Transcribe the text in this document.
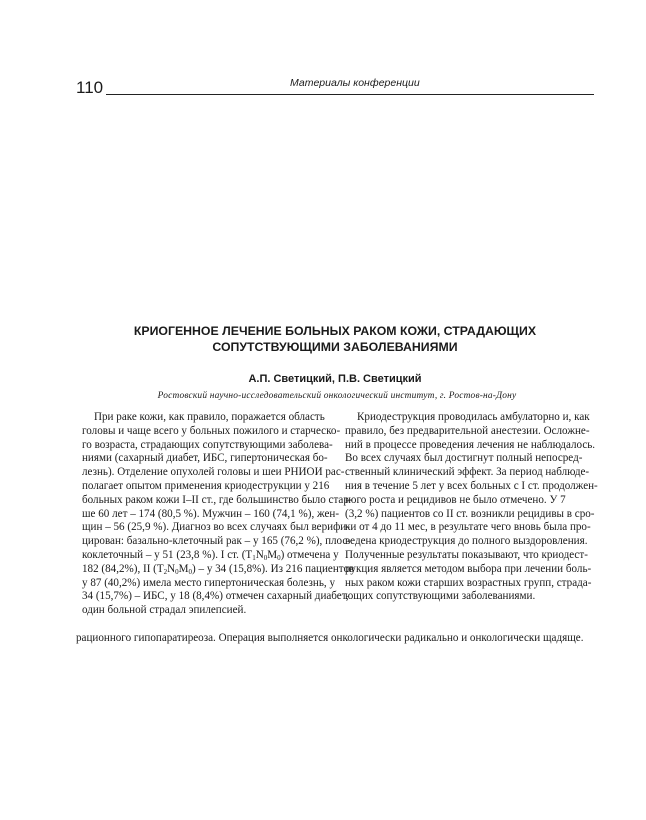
110	Материалы конференции
КРИОГЕННОЕ ЛЕЧЕНИЕ БОЛЬНЫХ РАКОМ КОЖИ, СТРАДАЮЩИХ
СОПУТСТВУЮЩИМИ ЗАБОЛЕВАНИЯМИ
А.П. Светицкий, П.В. Светицкий
Ростовский научно-исследовательский онкологический институт, г. Ростов-на-Дону
При раке кожи, как правило, поражается область
головы и чаще всего у больных пожилого и старческо-
го возраста, страдающих сопутствующими заболева-
ниями (сахарный диабет, ИБС, гипертоническая бо-
лезнь). Отделение опухолей головы и шеи РНИОИ рас-
полагает опытом применения криодеструкции у 216
больных раком кожи I–II ст., где большинство было стар-
ше 60 лет – 174 (80,5 %). Мужчин – 160 (74,1 %), жен-
щин – 56 (25,9 %). Диагноз во всех случаях был верифи-
цирован: базально-клеточный рак – у 165 (76,2 %), плос-
коклеточный – у 51 (23,8 %). I ст. $(T_1N_0M_0)$ отмечена у
182 (84,2%), II $(T_2N_0M_0)$ – у 34 (15,8%). Из 216 пациентов
у 87 (40,2%) имела место гипертоническая болезнь, у
34 (15,7%) – ИБС, у 18 (8,4%) отмечен сахарный диабет,
один больной страдал эпилепсией.
Криодеструкция проводилась амбулаторно и, как
правило, без предварительной анестезии. Осложне-
ний в процессе проведения лечения не наблюдалось.
Во всех случаях был достигнут полный непосред-
ственный клинический эффект. За период наблюде-
ния в течение 5 лет у всех больных с I ст. продолжен-
ного роста и рецидивов не было отмечено. У 7
(3,2 %) пациентов со II ст. возникли рецидивы в сро-
ки от 4 до 11 мес, в результате чего вновь была про-
ведена криодеструкция до полного выздоровления.
Полученные результаты показывают, что криодест-
рукция является методом выбора при лечении боль-
ных раком кожи старших возрастных групп, страда-
ющих сопутствующими заболеваниями.
рационного гипопаратиреоза. Операция выполняется онкологически радикально и онкологически щадяще.
